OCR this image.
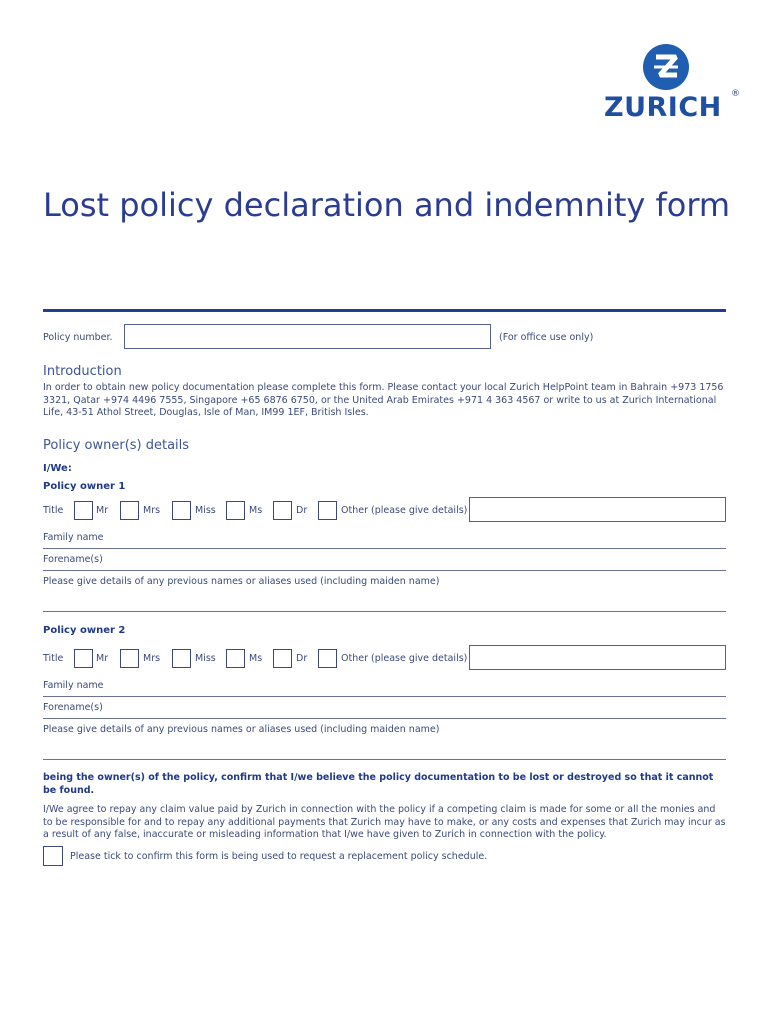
ZURICH ®
Lost policy declaration and indemnity form
Policy number.	(For office use only)
Introduction

In order to obtain new policy documentation please complete this form. Please contact your local Zurich HelpPoint team in Bahrain +973 1756 3321, Qatar +974 4496 7555, Singapore +65 6876 6750, or the United Arab Emirates +971 4 363 4567 or write to us at Zurich International Life, 43-51 Athol Street, Douglas, Isle of Man, IM99 1EF, British Isles.

Policy owner(s) details
I/We:
Policy owner 1
Title	Mr	Mrs	Miss	Ms	Dr	Other (please give details)
Family name
Forename(s)
Please give details of any previous names or aliases used (including maiden name)
Policy owner 2
Title	Mr	Mrs	Miss	Ms	Dr	Other (please give details)
Family name
Forename(s)
Please give details of any previous names or aliases used (including maiden name)

being the owner(s) of the policy, confirm that I/we believe the policy documentation to be lost or destroyed so that it cannot be found.

I/We agree to repay any claim value paid by Zurich in connection with the policy if a competing claim is made for some or all the monies and to be responsible for and to repay any additional payments that Zurich may have to make, or any costs and expenses that Zurich may incur as a result of any false, inaccurate or misleading information that I/we have given to Zurich in connection with the policy.

Please tick to confirm this form is being used to request a replacement policy schedule.
